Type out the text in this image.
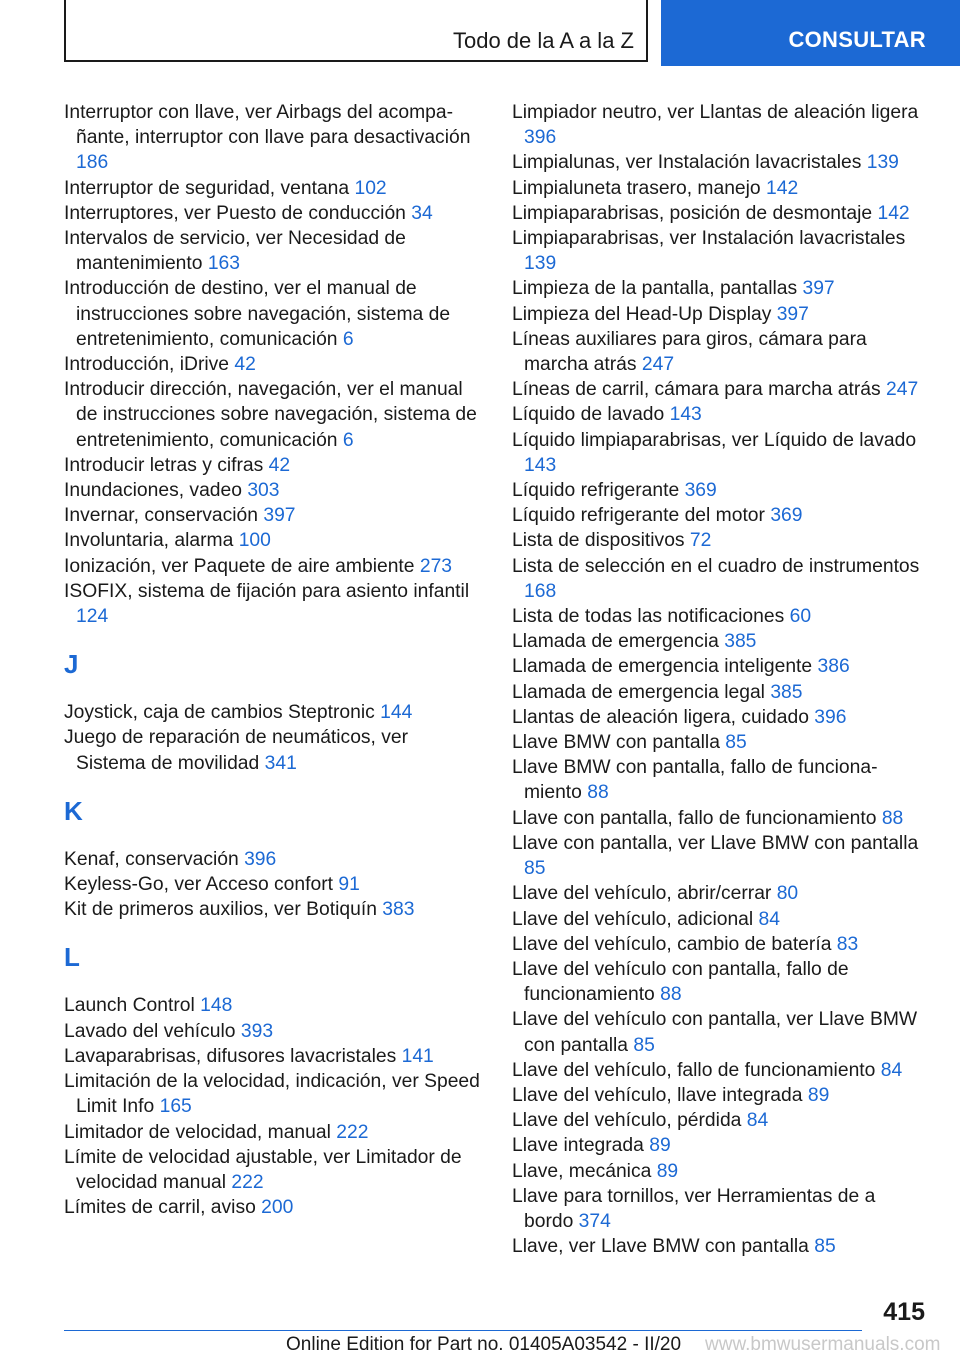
Todo de la A a la Z	CONSULTAR
Interruptor con llave, ver Airbags del acompañante, interruptor con llave para desactivación 186
Interruptor de seguridad, ventana 102
Interruptores, ver Puesto de conducción 34
Intervalos de servicio, ver Necesidad de mantenimiento 163
Introducción de destino, ver el manual de instrucciones sobre navegación, sistema de entretenimiento, comunicación 6
Introducción, iDrive 42
Introducir dirección, navegación, ver el manual de instrucciones sobre navegación, sistema de entretenimiento, comunicación 6
Introducir letras y cifras 42
Inundaciones, vadeo 303
Invernar, conservación 397
Involuntaria, alarma 100
Ionización, ver Paquete de aire ambiente 273
ISOFIX, sistema de fijación para asiento infantil 124
J
Joystick, caja de cambios Steptronic 144
Juego de reparación de neumáticos, ver Sistema de movilidad 341
K
Kenaf, conservación 396
Keyless-Go, ver Acceso confort 91
Kit de primeros auxilios, ver Botiquín 383
L
Launch Control 148
Lavado del vehículo 393
Lavaparabrisas, difusores lavacristales 141
Limitación de la velocidad, indicación, ver Speed Limit Info 165
Limitador de velocidad, manual 222
Límite de velocidad ajustable, ver Limitador de velocidad manual 222
Límites de carril, aviso 200
Limpiador neutro, ver Llantas de aleación ligera 396
Limpialunas, ver Instalación lavacristales 139
Limpialuneta trasero, manejo 142
Limpiaparabrisas, posición de desmontaje 142
Limpiaparabrisas, ver Instalación lavacristales 139
Limpieza de la pantalla, pantallas 397
Limpieza del Head-Up Display 397
Líneas auxiliares para giros, cámara para marcha atrás 247
Líneas de carril, cámara para marcha atrás 247
Líquido de lavado 143
Líquido limpiaparabrisas, ver Líquido de lavado 143
Líquido refrigerante 369
Líquido refrigerante del motor 369
Lista de dispositivos 72
Lista de selección en el cuadro de instrumentos 168
Lista de todas las notificaciones 60
Llamada de emergencia 385
Llamada de emergencia inteligente 386
Llamada de emergencia legal 385
Llantas de aleación ligera, cuidado 396
Llave BMW con pantalla 85
Llave BMW con pantalla, fallo de funcionamiento 88
Llave con pantalla, fallo de funcionamiento 88
Llave con pantalla, ver Llave BMW con pantalla 85
Llave del vehículo, abrir/cerrar 80
Llave del vehículo, adicional 84
Llave del vehículo, cambio de batería 83
Llave del vehículo con pantalla, fallo de funcionamiento 88
Llave del vehículo con pantalla, ver Llave BMW con pantalla 85
Llave del vehículo, fallo de funcionamiento 84
Llave del vehículo, llave integrada 89
Llave del vehículo, pérdida 84
Llave integrada 89
Llave, mecánica 89
Llave para tornillos, ver Herramientas de a bordo 374
Llave, ver Llave BMW con pantalla 85
415
Online Edition for Part no. 01405A03542 - II/20 www.bmwusermanuals.com
